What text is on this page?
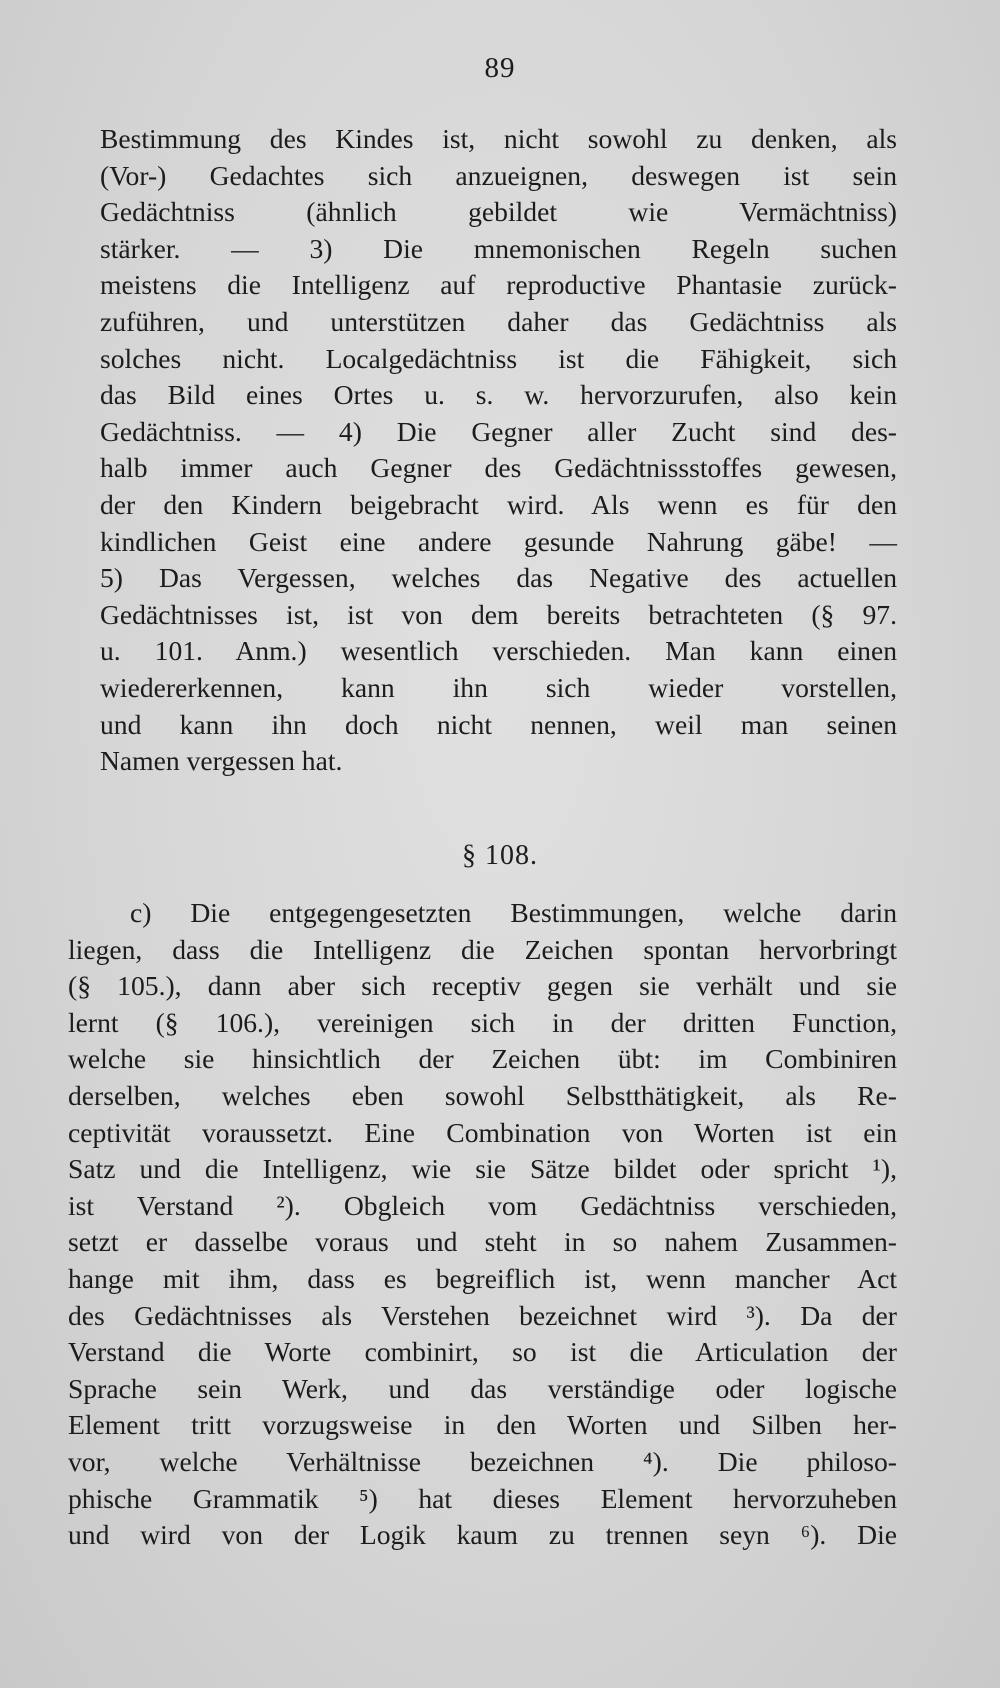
89
Bestimmung des Kindes ist, nicht sowohl zu denken, als
(Vor-) Gedachtes sich anzueignen, deswegen ist sein
Gedächtniss (ähnlich gebildet wie Vermächtniss)
stärker. — 3) Die mnemonischen Regeln suchen
meistens die Intelligenz auf reproductive Phantasie zurück-
zuführen, und unterstützen daher das Gedächtniss als
solches nicht. Localgedächtniss ist die Fähigkeit, sich
das Bild eines Ortes u. s. w. hervorzurufen, also kein
Gedächtniss. — 4) Die Gegner aller Zucht sind des-
halb immer auch Gegner des Gedächtnissstoffes gewesen,
der den Kindern beigebracht wird. Als wenn es für den
kindlichen Geist eine andere gesunde Nahrung gäbe! —
5) Das Vergessen, welches das Negative des actuellen
Gedächtnisses ist, ist von dem bereits betrachteten (§ 97.
u. 101. Anm.) wesentlich verschieden. Man kann einen
wiedererkennen, kann ihn sich wieder vorstellen,
und kann ihn doch nicht nennen, weil man seinen
Namen vergessen hat.
§ 108.
c) Die entgegengesetzten Bestimmungen, welche darin
liegen, dass die Intelligenz die Zeichen spontan hervorbringt
(§ 105.), dann aber sich receptiv gegen sie verhält und sie
lernt (§ 106.), vereinigen sich in der dritten Function,
welche sie hinsichtlich der Zeichen übt: im Combiniren
derselben, welches eben sowohl Selbstthätigkeit, als Re-
ceptivität voraussetzt. Eine Combination von Worten ist ein
Satz und die Intelligenz, wie sie Sätze bildet oder spricht ¹),
ist Verstand ²). Obgleich vom Gedächtniss verschieden,
setzt er dasselbe voraus und steht in so nahem Zusammen-
hange mit ihm, dass es begreiflich ist, wenn mancher Act
des Gedächtnisses als Verstehen bezeichnet wird ³). Da der
Verstand die Worte combinirt, so ist die Articulation der
Sprache sein Werk, und das verständige oder logische
Element tritt vorzugsweise in den Worten und Silben her-
vor, welche Verhältnisse bezeichnen ⁴). Die philoso-
phische Grammatik ⁵) hat dieses Element hervorzuheben
und wird von der Logik kaum zu trennen seyn ⁶). Die
